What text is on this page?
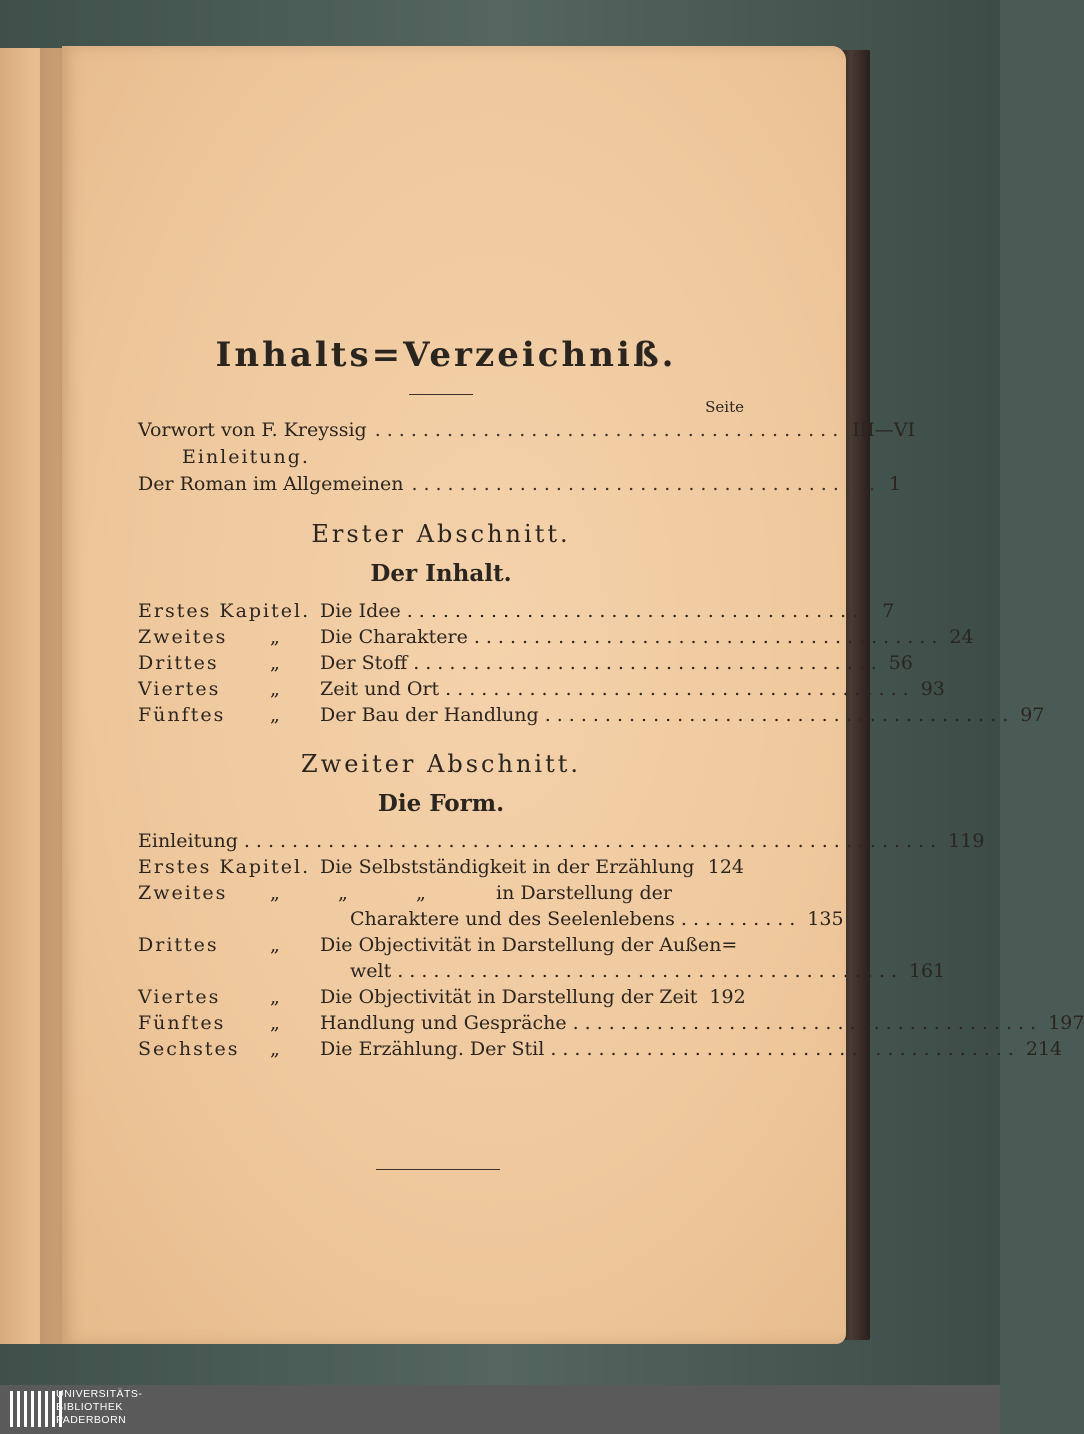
Inhalts=Verzeichniß.
Seite
Vorwort von F. Kreyssig ....................................... III—VI
Einleitung.
Der Roman im Allgemeinen ....................................... 1
Erster Abschnitt.
Der Inhalt.
Erstes Kapitel. Die Idee ....................................... 7
Zweites	„	Die Charaktere ....................................... 24
Drittes	„	Der Stoff ....................................... 56
Viertes	„	Zeit und Ort ....................................... 93
Fünftes	„	Der Bau der Handlung ....................................... 97
Zweiter Abschnitt.
Die Form.
Einleitung .......................................................... 119
Erstes Kapitel. Die Selbstständigkeit in der Erzählung 124
Zweites	„	„	„	in Darstellung der
Charaktere und des Seelenlebens .......... 135
Drittes	„	Die Objectivität in Darstellung der Außen=
welt .......................................... 161
Viertes	„	Die Objectivität in Darstellung der Zeit 192
Fünftes	„	Handlung und Gespräche ....................................... 197
Sechstes	„	Die Erzählung. Der Stil ....................................... 214
UNIVERSITÄTS-
BIBLIOTHEK
PADERBORN
